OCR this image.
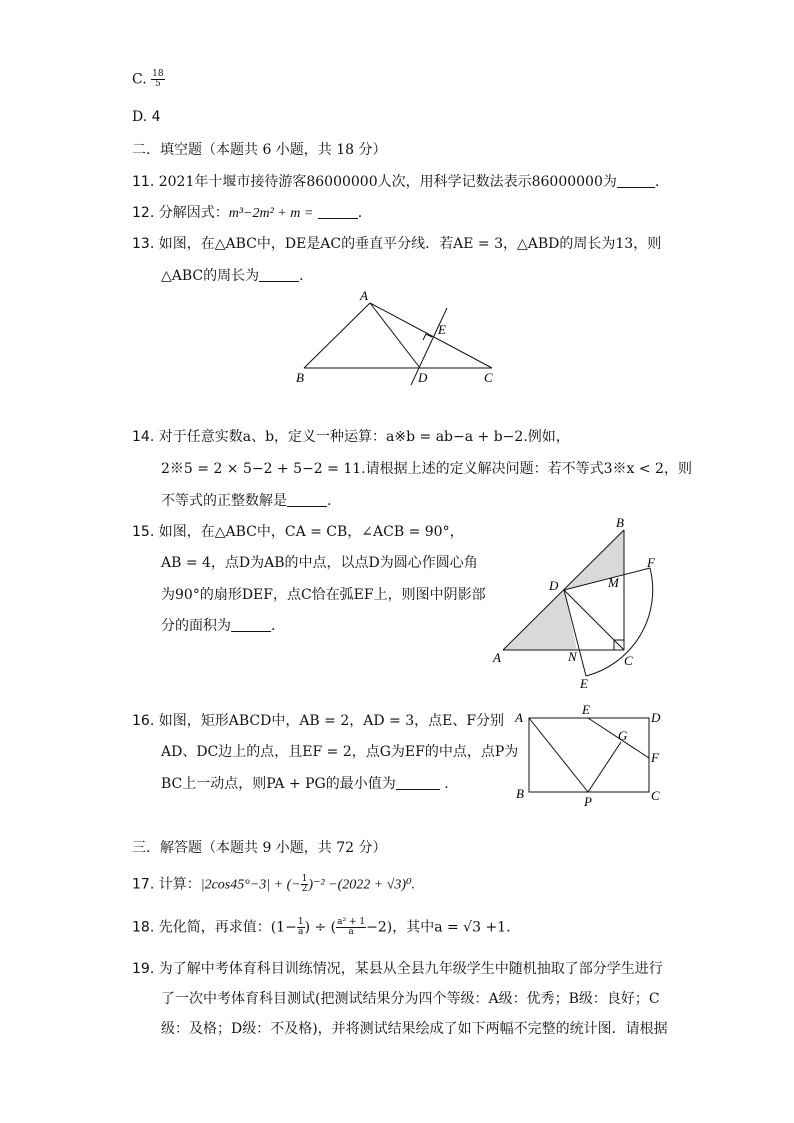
C. $\frac{18}{5}$
D. 4
二．填空题（本题共 6 小题，共 18 分）
11. 2021年十堰市接待游客86000000人次，用科学记数法表示86000000为	.
12. 分解因式：m³−2m² + m =	.
13. 如图，在△ABC中，DE是AC的垂直平分线．若AE = 3，△ABD的周长为13，则
△ABC的周长为	.
A
B	C
D
E
14. 对于任意实数a、b，定义一种运算：a※b = ab−a + b−2.例如，
2※5 = 2 × 5−2 + 5−2 = 11.请根据上述的定义解决问题：若不等式3※x < 2，则
不等式的正整数解是	.
15. 如图，在△ABC中，CA = CB，∠ACB = 90°，
AB = 4，点D为AB的中点，以点D为圆心作圆心角
为90°的扇形DEF，点C恰在弧EF上，则图中阴影部
分的面积为	.
B
F
D	M
A	N	C
E
16. 如图，矩形ABCD中，AB = 2，AD = 3，点E、F分别
AD、DC边上的点，且EF = 2，点G为EF的中点，点P为
BC上一动点，则PA + PG的最小值为	.
A
E
D
G
F
B
P	C
三．解答题（本题共 9 小题，共 72 分）
17. 计算：|2cos45°−3| + (− $\frac{1}{2} )^{-2} -(2022 + √3)^0$.
18. 先化简，再求值：($1- \frac{1}{a}$ ) ÷ ( $\frac{\text{a² + 1}}{a} -2$)，其中a = √3 +1.
19. 为了解中考体育科目训练情况，某县从全县九年级学生中随机抽取了部分学生进行
了一次中考体育科目测试(把测试结果分为四个等级：A级：优秀；B级：良好；C
级：及格；D级：不及格)，并将测试结果绘成了如下两幅不完整的统计图．请根据
